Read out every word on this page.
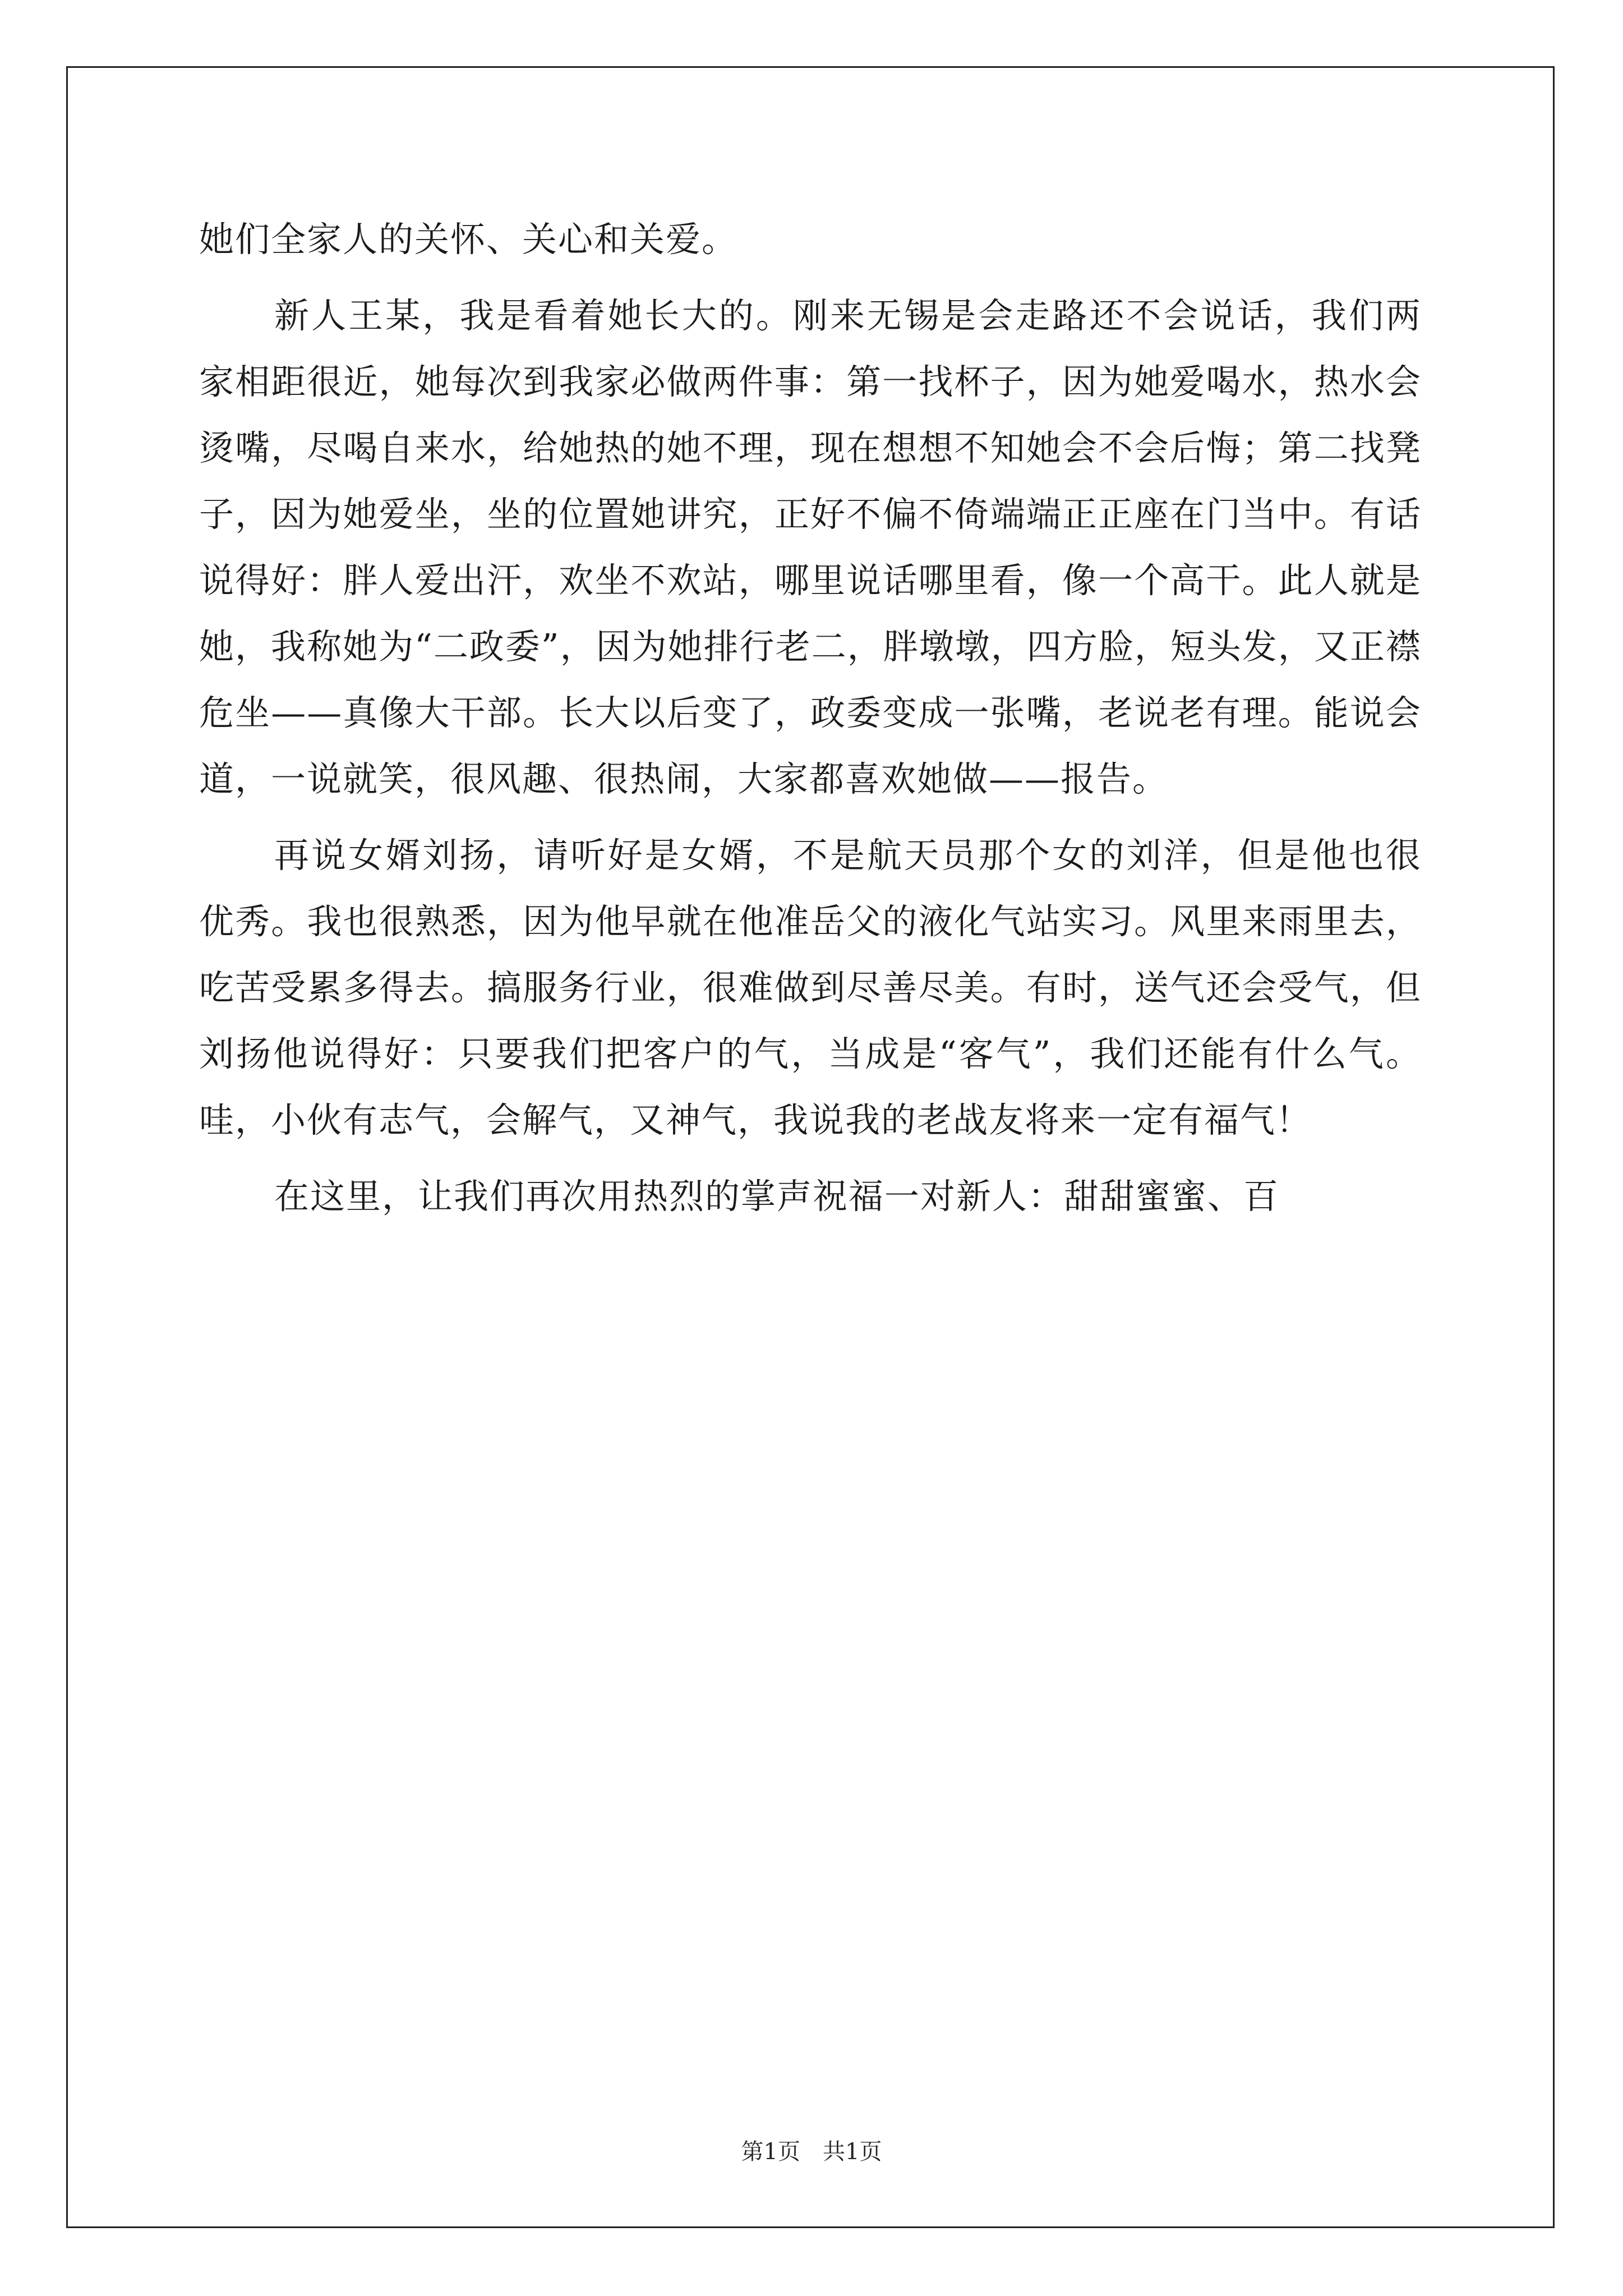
她们全家人的关怀、关心和关爱。

新人王某，我是看着她长大的。刚来无锡是会走路还不会说话，我们两家相距很近，她每次到我家必做两件事：第一找杯子，因为她爱喝水，热水会烫嘴，尽喝自来水，给她热的她不理，现在想想不知她会不会后悔；第二找凳子，因为她爱坐，坐的位置她讲究，正好不偏不倚端端正正座在门当中。有话说得好：胖人爱出汗，欢坐不欢站，哪里说话哪里看，像一个高干。此人就是她，我称她为“二政委”，因为她排行老二，胖墩墩，四方脸，短头发，又正襟危坐——真像大干部。长大以后变了，政委变成一张嘴，老说老有理。能说会道，一说就笑，很风趣、很热闹，大家都喜欢她做——报告。

再说女婿刘扬，请听好是女婿，不是航天员那个女的刘洋，但是他也很优秀。我也很熟悉，因为他早就在他准岳父的液化气站实习。风里来雨里去，吃苦受累多得去。搞服务行业，很难做到尽善尽美。有时，送气还会受气，但刘扬他说得好：只要我们把客户的气，当成是“客气”，我们还能有什么气。哇，小伙有志气，会解气，又神气，我说我的老战友将来一定有福气！

在这里，让我们再次用热烈的掌声祝福一对新人：甜甜蜜蜜、百

第1页　共1页
